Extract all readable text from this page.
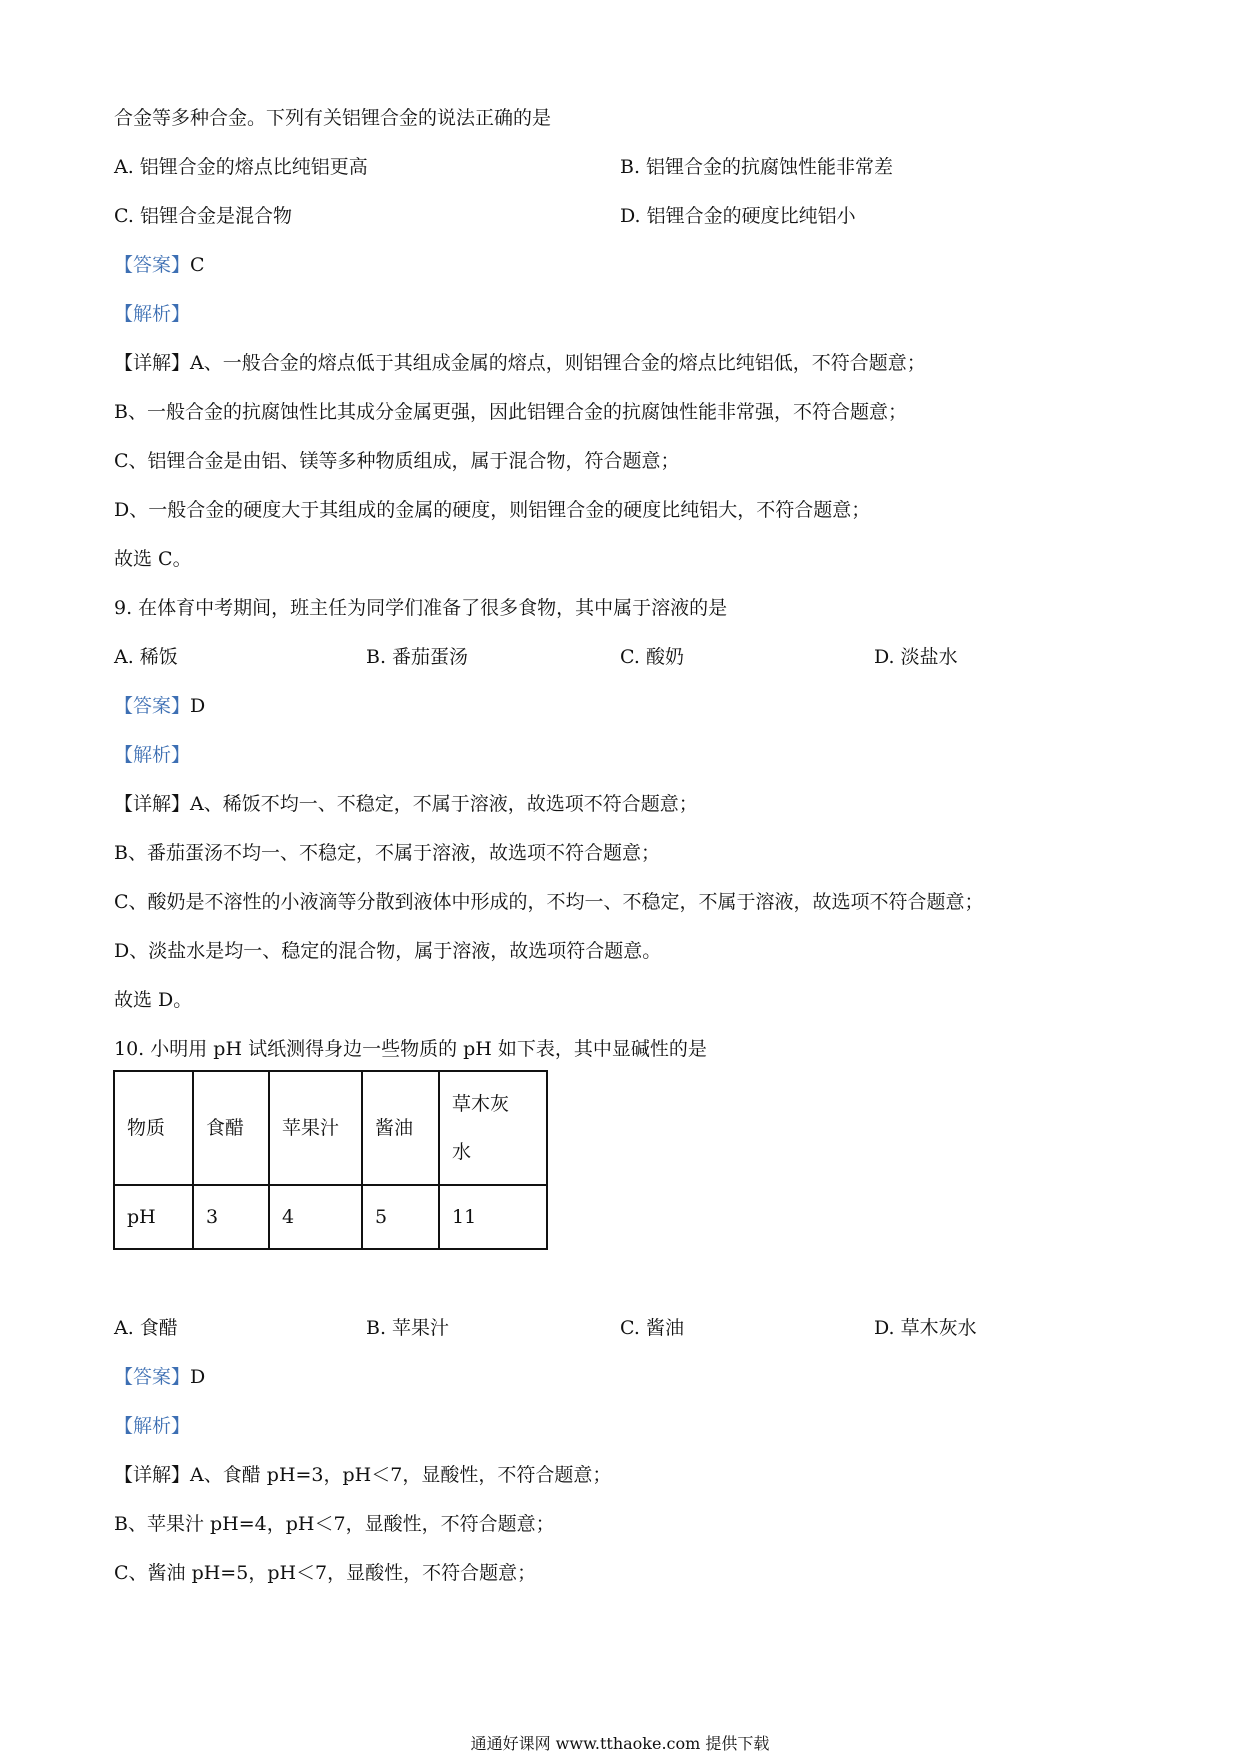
合金等多种合金。下列有关铝锂合金的说法正确的是
A. 铝锂合金的熔点比纯铝更高	B. 铝锂合金的抗腐蚀性能非常差
C. 铝锂合金是混合物	D. 铝锂合金的硬度比纯铝小
【答案】C
【解析】
【详解】A、一般合金的熔点低于其组成金属的熔点，则铝锂合金的熔点比纯铝低，不符合题意；
B、一般合金的抗腐蚀性比其成分金属更强，因此铝锂合金的抗腐蚀性能非常强，不符合题意；
C、铝锂合金是由铝、镁等多种物质组成，属于混合物，符合题意；
D、一般合金的硬度大于其组成的金属的硬度，则铝锂合金的硬度比纯铝大，不符合题意；
故选 C。
9. 在体育中考期间，班主任为同学们准备了很多食物，其中属于溶液的是
A. 稀饭	B. 番茄蛋汤	C. 酸奶	D. 淡盐水
【答案】D
【解析】
【详解】A、稀饭不均一、不稳定，不属于溶液，故选项不符合题意；
B、番茄蛋汤不均一、不稳定，不属于溶液，故选项不符合题意；
C、酸奶是不溶性的小液滴等分散到液体中形成的，不均一、不稳定，不属于溶液，故选项不符合题意；
D、淡盐水是均一、稳定的混合物，属于溶液，故选项符合题意。
故选 D。
10. 小明用 pH 试纸测得身边一些物质的 pH 如下表，其中显碱性的是
物质	食醋	苹果汁	酱油	草木灰
水

pH	3	4	5	11
A. 食醋	B. 苹果汁	C. 酱油	D. 草木灰水
【答案】D
【解析】
【详解】A、食醋 pH=3，pH＜7，显酸性，不符合题意；
B、苹果汁 pH=4，pH＜7，显酸性，不符合题意；
C、酱油 pH=5，pH＜7，显酸性，不符合题意；
通通好课网 www.tthaoke.com 提供下载
